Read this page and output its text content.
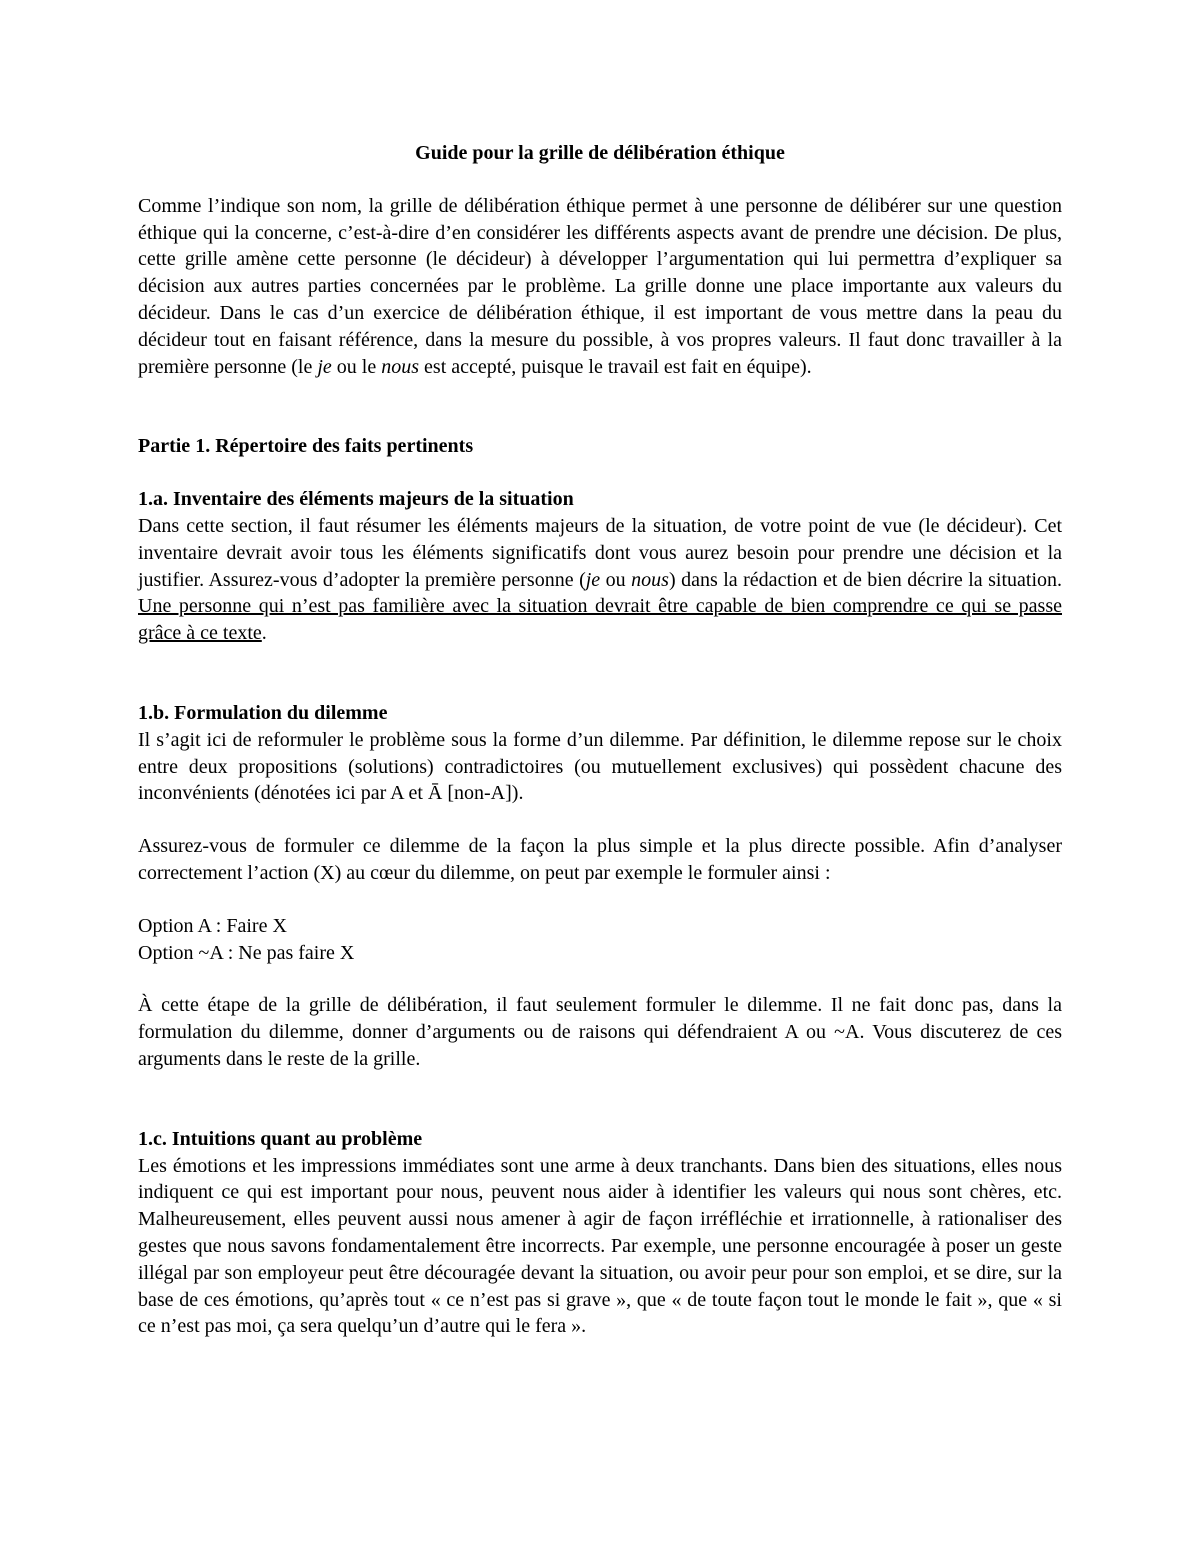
Guide pour la grille de délibération éthique

Comme l’indique son nom, la grille de délibération éthique permet à une personne de délibérer sur une question éthique qui la concerne, c’est-à-dire d’en considérer les différents aspects avant de prendre une décision. De plus, cette grille amène cette personne (le décideur) à développer l’argumentation qui lui permettra d’expliquer sa décision aux autres parties concernées par le problème. La grille donne une place importante aux valeurs du décideur. Dans le cas d’un exercice de délibération éthique, il est important de vous mettre dans la peau du décideur tout en faisant référence, dans la mesure du possible, à vos propres valeurs. Il faut donc travailler à la première personne (le je ou le nous est accepté, puisque le travail est fait en équipe).

Partie 1. Répertoire des faits pertinents
1.a. Inventaire des éléments majeurs de la situation

Dans cette section, il faut résumer les éléments majeurs de la situation, de votre point de vue (le décideur). Cet inventaire devrait avoir tous les éléments significatifs dont vous aurez besoin pour prendre une décision et la justifier. Assurez-vous d’adopter la première personne (je ou nous) dans la rédaction et de bien décrire la situation. Une personne qui n’est pas familière avec la situation devrait être capable de bien comprendre ce qui se passe grâce à ce texte.

1.b. Formulation du dilemme

Il s’agit ici de reformuler le problème sous la forme d’un dilemme. Par définition, le dilemme repose sur le choix entre deux propositions (solutions) contradictoires (ou mutuellement exclusives) qui possèdent chacune des inconvénients (dénotées ici par A et Ā [non-A]).

Assurez-vous de formuler ce dilemme de la façon la plus simple et la plus directe possible. Afin d’analyser correctement l’action (X) au cœur du dilemme, on peut par exemple le formuler ainsi :

Option A : Faire X
Option ~A : Ne pas faire X

À cette étape de la grille de délibération, il faut seulement formuler le dilemme. Il ne fait donc pas, dans la formulation du dilemme, donner d’arguments ou de raisons qui défendraient A ou ~A. Vous discuterez de ces arguments dans le reste de la grille.

1.c. Intuitions quant au problème

Les émotions et les impressions immédiates sont une arme à deux tranchants. Dans bien des situations, elles nous indiquent ce qui est important pour nous, peuvent nous aider à identifier les valeurs qui nous sont chères, etc. Malheureusement, elles peuvent aussi nous amener à agir de façon irréfléchie et irrationnelle, à rationaliser des gestes que nous savons fondamentalement être incorrects. Par exemple, une personne encouragée à poser un geste illégal par son employeur peut être découragée devant la situation, ou avoir peur pour son emploi, et se dire, sur la base de ces émotions, qu’après tout « ce n’est pas si grave », que « de toute façon tout le monde le fait », que « si ce n’est pas moi, ça sera quelqu’un d’autre qui le fera ».
